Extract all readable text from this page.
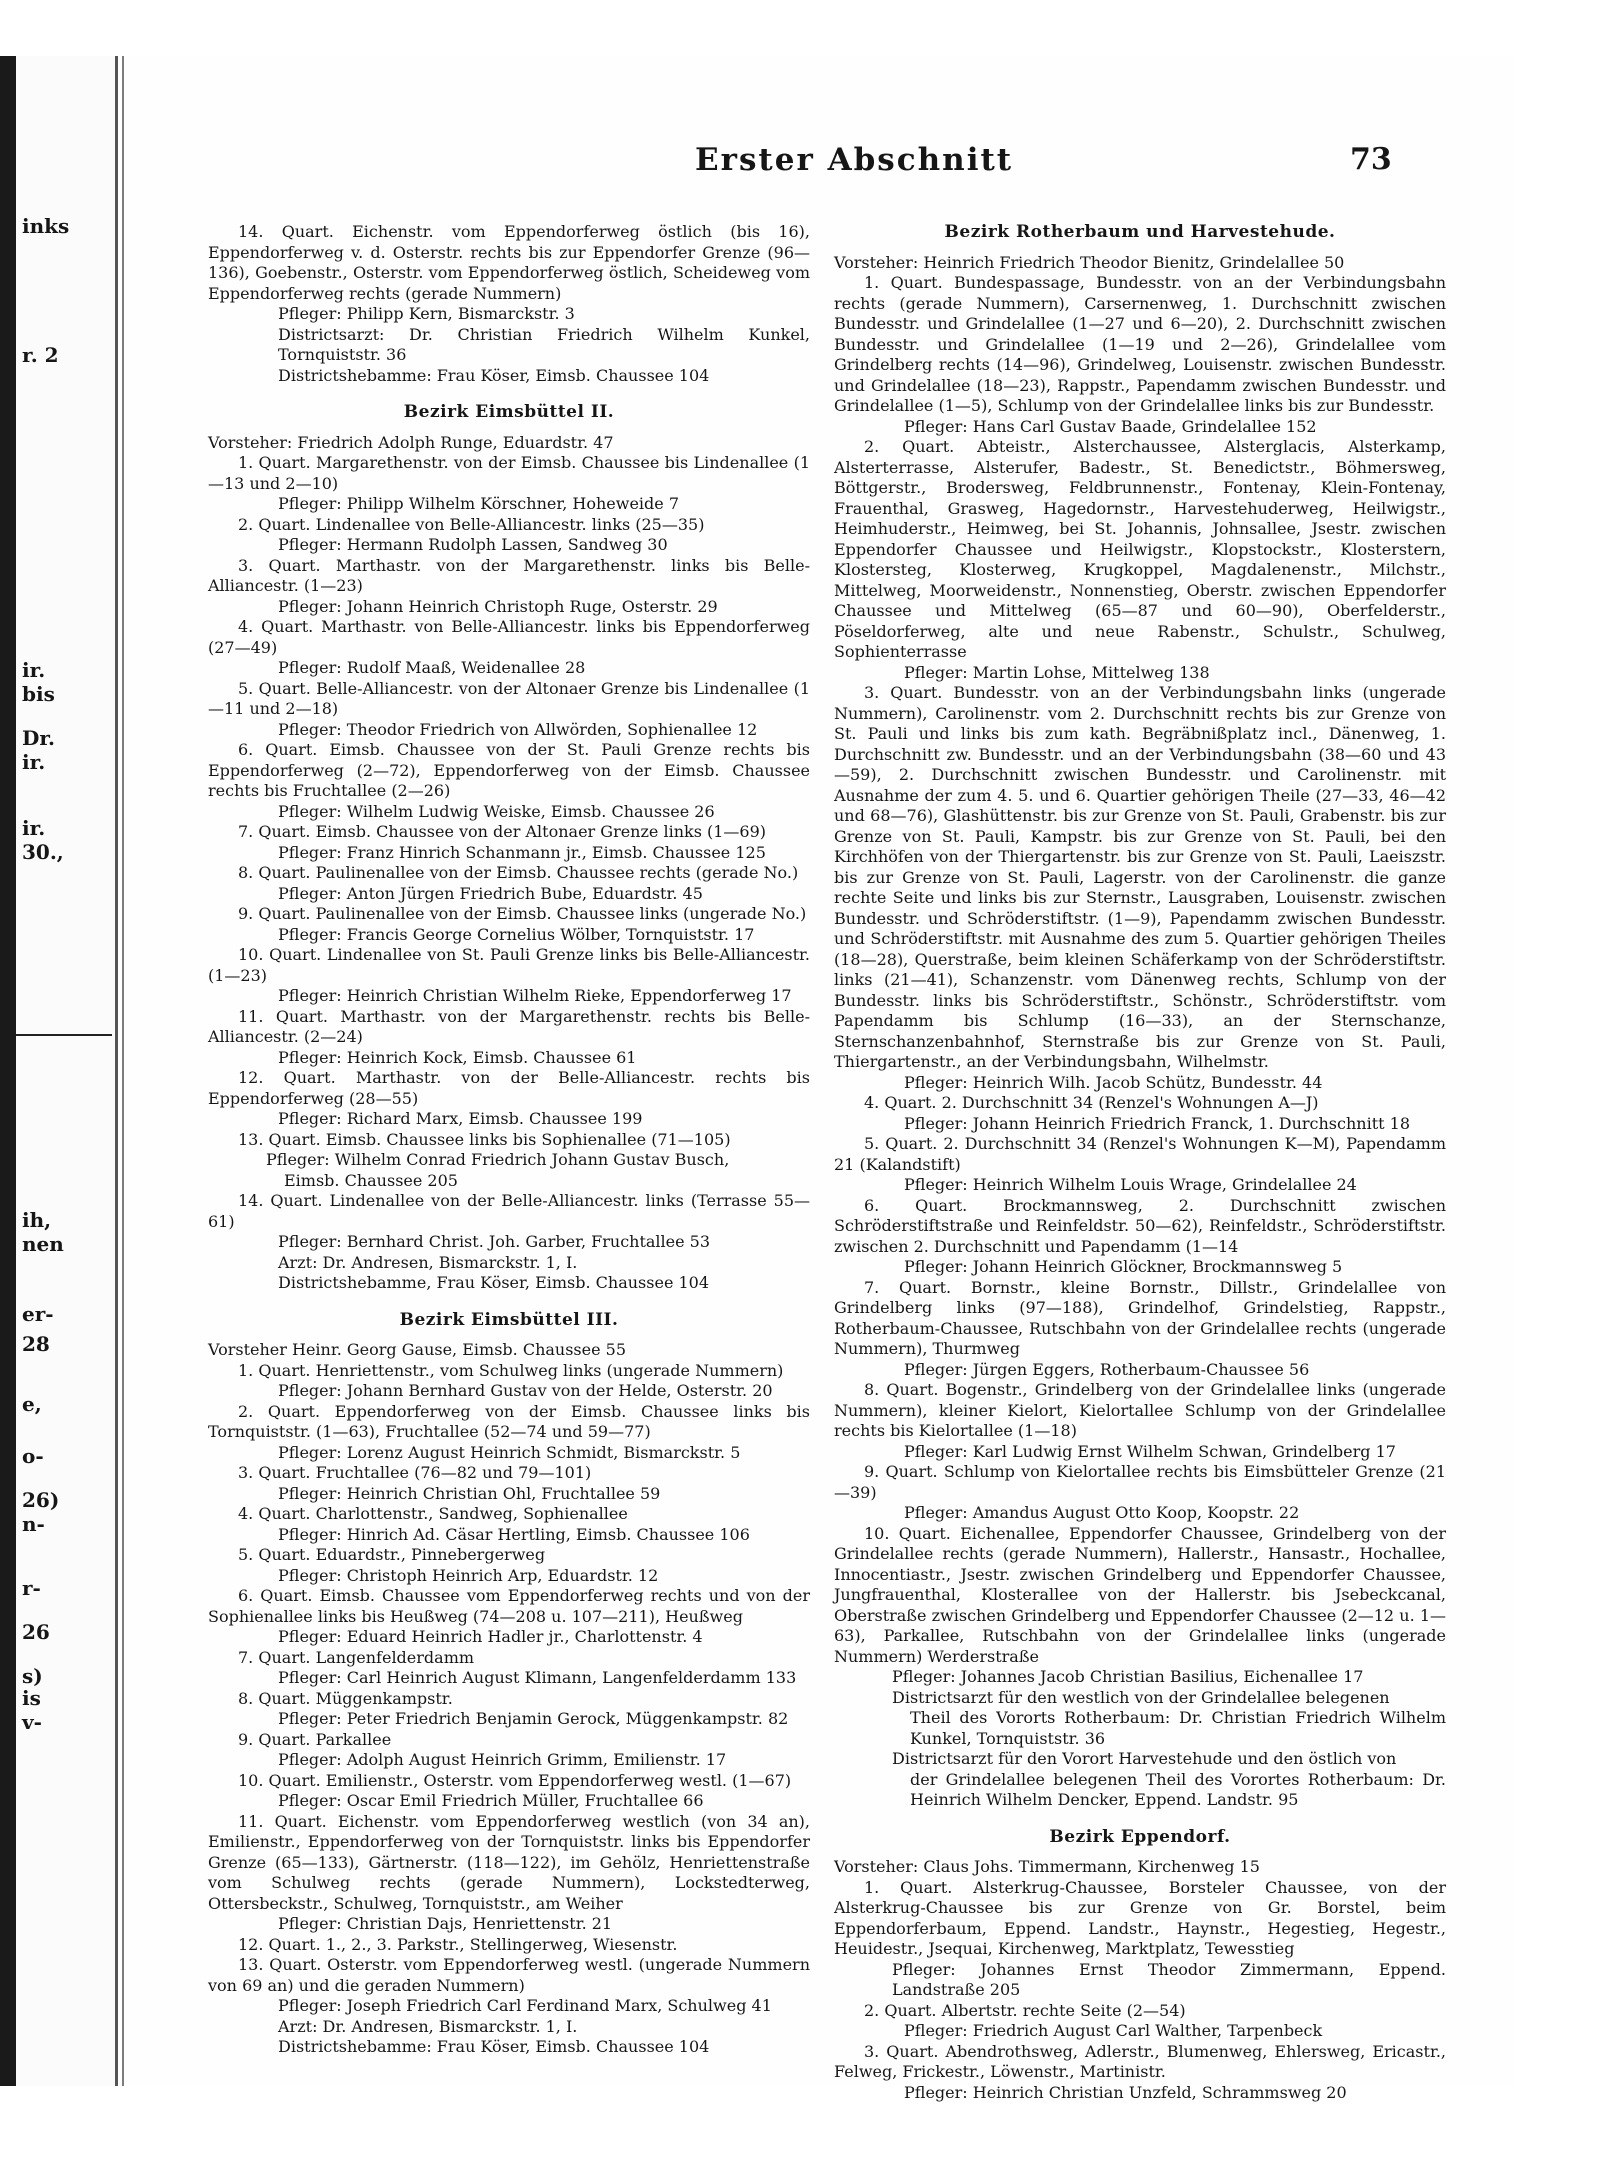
inks
r. 2
ir.
bis
Dr.
ir.
ir.
30.,
ih,
nen
er-
28
e,
o-
26)
n-
r-
26
s)
is
v-
Erster Abschnitt	73

14. Quart. Eichenstr. vom Eppendorferweg östlich (bis 16), Eppendorferweg v. d. Osterstr. rechts bis zur Eppendorfer Grenze (96—136), Goebenstr., Osterstr. vom Eppendorferweg östlich, Scheideweg vom Eppendorferweg rechts (gerade Nummern)

Pfleger: Philipp Kern, Bismarckstr. 3

Districtsarzt: Dr. Christian Friedrich Wilhelm Kunkel, Tornquiststr. 36

Districtshebamme: Frau Köser, Eimsb. Chaussee 104

Bezirk Eimsbüttel II.

Vorsteher: Friedrich Adolph Runge, Eduardstr. 47

1. Quart. Margarethenstr. von der Eimsb. Chaussee bis Lindenallee (1—13 und 2—10)

Pfleger: Philipp Wilhelm Körschner, Hoheweide 7

2. Quart. Lindenallee von Belle-Alliancestr. links (25—35)

Pfleger: Hermann Rudolph Lassen, Sandweg 30

3. Quart. Marthastr. von der Margarethenstr. links bis Belle-Alliancestr. (1—23)

Pfleger: Johann Heinrich Christoph Ruge, Osterstr. 29

4. Quart. Marthastr. von Belle-Alliancestr. links bis Eppendorferweg (27—49)

Pfleger: Rudolf Maaß, Weidenallee 28

5. Quart. Belle-Alliancestr. von der Altonaer Grenze bis Lindenallee (1—11 und 2—18)

Pfleger: Theodor Friedrich von Allwörden, Sophienallee 12

6. Quart. Eimsb. Chaussee von der St. Pauli Grenze rechts bis Eppendorferweg (2—72), Eppendorferweg von der Eimsb. Chaussee rechts bis Fruchtallee (2—26)

Pfleger: Wilhelm Ludwig Weiske, Eimsb. Chaussee 26

7. Quart. Eimsb. Chaussee von der Altonaer Grenze links (1—69)

Pfleger: Franz Hinrich Schanmann jr., Eimsb. Chaussee 125

8. Quart. Paulinenallee von der Eimsb. Chaussee rechts (gerade No.)

Pfleger: Anton Jürgen Friedrich Bube, Eduardstr. 45

9. Quart. Paulinenallee von der Eimsb. Chaussee links (ungerade No.)

Pfleger: Francis George Cornelius Wölber, Tornquiststr. 17

10. Quart. Lindenallee von St. Pauli Grenze links bis Belle-Alliancestr. (1—23)

Pfleger: Heinrich Christian Wilhelm Rieke, Eppendorferweg 17

11. Quart. Marthastr. von der Margarethenstr. rechts bis Belle-Alliancestr. (2—24)

Pfleger: Heinrich Kock, Eimsb. Chaussee 61

12. Quart. Marthastr. von der Belle-Alliancestr. rechts bis Eppendorferweg (28—55)

Pfleger: Richard Marx, Eimsb. Chaussee 199

13. Quart. Eimsb. Chaussee links bis Sophienallee (71—105)

Pfleger: Wilhelm Conrad Friedrich Johann Gustav Busch,
Eimsb. Chaussee 205

14. Quart. Lindenallee von der Belle-Alliancestr. links (Terrasse 55—61)

Pfleger: Bernhard Christ. Joh. Garber, Fruchtallee 53

Arzt: Dr. Andresen, Bismarckstr. 1, I.

Districtshebamme, Frau Köser, Eimsb. Chaussee 104

Bezirk Eimsbüttel III.

Vorsteher Heinr. Georg Gause, Eimsb. Chaussee 55

1. Quart. Henriettenstr., vom Schulweg links (ungerade Nummern)

Pfleger: Johann Bernhard Gustav von der Helde, Osterstr. 20

2. Quart. Eppendorferweg von der Eimsb. Chaussee links bis Tornquiststr. (1—63), Fruchtallee (52—74 und 59—77)

Pfleger: Lorenz August Heinrich Schmidt, Bismarckstr. 5

3. Quart. Fruchtallee (76—82 und 79—101)

Pfleger: Heinrich Christian Ohl, Fruchtallee 59

4. Quart. Charlottenstr., Sandweg, Sophienallee

Pfleger: Hinrich Ad. Cäsar Hertling, Eimsb. Chaussee 106

5. Quart. Eduardstr., Pinnebergerweg

Pfleger: Christoph Heinrich Arp, Eduardstr. 12

6. Quart. Eimsb. Chaussee vom Eppendorferweg rechts und von der Sophienallee links bis Heußweg (74—208 u. 107—211), Heußweg

Pfleger: Eduard Heinrich Hadler jr., Charlottenstr. 4

7. Quart. Langenfelderdamm

Pfleger: Carl Heinrich August Klimann, Langenfelderdamm 133

8. Quart. Müggenkampstr.

Pfleger: Peter Friedrich Benjamin Gerock, Müggenkampstr. 82

9. Quart. Parkallee

Pfleger: Adolph August Heinrich Grimm, Emilienstr. 17

10. Quart. Emilienstr., Osterstr. vom Eppendorferweg westl. (1—67)

Pfleger: Oscar Emil Friedrich Müller, Fruchtallee 66

11. Quart. Eichenstr. vom Eppendorferweg westlich (von 34 an), Emilienstr., Eppendorferweg von der Tornquiststr. links bis Eppendorfer Grenze (65—133), Gärtnerstr. (118—122), im Gehölz, Henriettenstraße vom Schulweg rechts (gerade Nummern), Lockstedterweg, Ottersbeckstr., Schulweg, Tornquiststr., am Weiher

Pfleger: Christian Dajs, Henriettenstr. 21

12. Quart. 1., 2., 3. Parkstr., Stellingerweg, Wiesenstr.

13. Quart. Osterstr. vom Eppendorferweg westl. (ungerade Nummern von 69 an) und die geraden Nummern)

Pfleger: Joseph Friedrich Carl Ferdinand Marx, Schulweg 41

Arzt: Dr. Andresen, Bismarckstr. 1, I.

Districtshebamme: Frau Köser, Eimsb. Chaussee 104

Bezirk Rotherbaum und Harvestehude.

Vorsteher: Heinrich Friedrich Theodor Bienitz, Grindelallee 50

1. Quart. Bundespassage, Bundesstr. von an der Verbindungsbahn rechts (gerade Nummern), Carsernenweg, 1. Durchschnitt zwischen Bundesstr. und Grindelallee (1—27 und 6—20), 2. Durchschnitt zwischen Bundesstr. und Grindelallee (1—19 und 2—26), Grindelallee vom Grindelberg rechts (14—96), Grindelweg, Louisenstr. zwischen Bundesstr. und Grindelallee (18—23), Rappstr., Papendamm zwischen Bundesstr. und Grindelallee (1—5), Schlump von der Grindelallee links bis zur Bundesstr.

Pfleger: Hans Carl Gustav Baade, Grindelallee 152

2. Quart. Abteistr., Alsterchaussee, Alsterglacis, Alsterkamp, Alsterterrasse, Alsterufer, Badestr., St. Benedictstr., Böhmersweg, Böttgerstr., Brodersweg, Feldbrunnenstr., Fontenay, Klein-Fontenay, Frauenthal, Grasweg, Hagedornstr., Harvestehuderweg, Heilwigstr., Heimhuderstr., Heimweg, bei St. Johannis, Johnsallee, Jsestr. zwischen Eppendorfer Chaussee und Heilwigstr., Klopstockstr., Klosterstern, Klostersteg, Klosterweg, Krugkoppel, Magdalenenstr., Milchstr., Mittelweg, Moorweidenstr., Nonnenstieg, Oberstr. zwischen Eppendorfer Chaussee und Mittelweg (65—87 und 60—90), Oberfelderstr., Pöseldorferweg, alte und neue Rabenstr., Schulstr., Schulweg, Sophienterrasse

Pfleger: Martin Lohse, Mittelweg 138

3. Quart. Bundesstr. von an der Verbindungsbahn links (ungerade Nummern), Carolinenstr. vom 2. Durchschnitt rechts bis zur Grenze von St. Pauli und links bis zum kath. Begräbnißplatz incl., Dänenweg, 1. Durchschnitt zw. Bundesstr. und an der Verbindungsbahn (38—60 und 43—59), 2. Durchschnitt zwischen Bundesstr. und Carolinenstr. mit Ausnahme der zum 4. 5. und 6. Quartier gehörigen Theile (27—33, 46—42 und 68—76), Glashüttenstr. bis zur Grenze von St. Pauli, Grabenstr. bis zur Grenze von St. Pauli, Kampstr. bis zur Grenze von St. Pauli, bei den Kirchhöfen von der Thiergartenstr. bis zur Grenze von St. Pauli, Laeiszstr. bis zur Grenze von St. Pauli, Lagerstr. von der Carolinenstr. die ganze rechte Seite und links bis zur Sternstr., Lausgraben, Louisenstr. zwischen Bundesstr. und Schröderstiftstr. (1—9), Papendamm zwischen Bundesstr. und Schröderstiftstr. mit Ausnahme des zum 5. Quartier gehörigen Theiles (18—28), Querstraße, beim kleinen Schäferkamp von der Schröderstiftstr. links (21—41), Schanzenstr. vom Dänenweg rechts, Schlump von der Bundesstr. links bis Schröderstiftstr., Schönstr., Schröderstiftstr. vom Papendamm bis Schlump (16—33), an der Sternschanze, Sternschanzenbahnhof, Sternstraße bis zur Grenze von St. Pauli, Thiergartenstr., an der Verbindungsbahn, Wilhelmstr.

Pfleger: Heinrich Wilh. Jacob Schütz, Bundesstr. 44

4. Quart. 2. Durchschnitt 34 (Renzel's Wohnungen A—J)

Pfleger: Johann Heinrich Friedrich Franck, 1. Durchschnitt 18

5. Quart. 2. Durchschnitt 34 (Renzel's Wohnungen K—M), Papendamm 21 (Kalandstift)

Pfleger: Heinrich Wilhelm Louis Wrage, Grindelallee 24

6. Quart. Brockmannsweg, 2. Durchschnitt zwischen Schröderstiftstraße und Reinfeldstr. 50—62), Reinfeldstr., Schröderstiftstr. zwischen 2. Durchschnitt und Papendamm (1—14

Pfleger: Johann Heinrich Glöckner, Brockmannsweg 5

7. Quart. Bornstr., kleine Bornstr., Dillstr., Grindelallee von Grindelberg links (97—188), Grindelhof, Grindelstieg, Rappstr., Rotherbaum-Chaussee, Rutschbahn von der Grindelallee rechts (ungerade Nummern), Thurmweg

Pfleger: Jürgen Eggers, Rotherbaum-Chaussee 56

8. Quart. Bogenstr., Grindelberg von der Grindelallee links (ungerade Nummern), kleiner Kielort, Kielortallee Schlump von der Grindelallee rechts bis Kielortallee (1—18)

Pfleger: Karl Ludwig Ernst Wilhelm Schwan, Grindelberg 17

9. Quart. Schlump von Kielortallee rechts bis Eimsbütteler Grenze (21—39)

Pfleger: Amandus August Otto Koop, Koopstr. 22

10. Quart. Eichenallee, Eppendorfer Chaussee, Grindelberg von der Grindelallee rechts (gerade Nummern), Hallerstr., Hansastr., Hochallee, Innocentiastr., Jsestr. zwischen Grindelberg und Eppendorfer Chaussee, Jungfrauenthal, Klosterallee von der Hallerstr. bis Jsebeckcanal, Oberstraße zwischen Grindelberg und Eppendorfer Chaussee (2—12 u. 1—63), Parkallee, Rutschbahn von der Grindelallee links (ungerade Nummern) Werderstraße

Pfleger: Johannes Jacob Christian Basilius, Eichenallee 17

Districtsarzt für den westlich von der Grindelallee belegenen
Theil des Vororts Rotherbaum: Dr. Christian Friedrich Wilhelm Kunkel, Tornquiststr. 36

Districtsarzt für den Vorort Harvestehude und den östlich von
der Grindelallee belegenen Theil des Vorortes Rotherbaum: Dr. Heinrich Wilhelm Dencker, Eppend. Landstr. 95

Bezirk Eppendorf.

Vorsteher: Claus Johs. Timmermann, Kirchenweg 15

1. Quart. Alsterkrug-Chaussee, Borsteler Chaussee, von der Alsterkrug-Chaussee bis zur Grenze von Gr. Borstel, beim Eppendorferbaum, Eppend. Landstr., Haynstr., Hegestieg, Hegestr., Heuidestr., Jsequai, Kirchenweg, Marktplatz, Tewesstieg

Pfleger: Johannes Ernst Theodor Zimmermann, Eppend. Landstraße 205

2. Quart. Albertstr. rechte Seite (2—54)

Pfleger: Friedrich August Carl Walther, Tarpenbeck

3. Quart. Abendrothsweg, Adlerstr., Blumenweg, Ehlersweg, Ericastr., Felweg, Frickestr., Löwenstr., Martinistr.

Pfleger: Heinrich Christian Unzfeld, Schrammsweg 20
